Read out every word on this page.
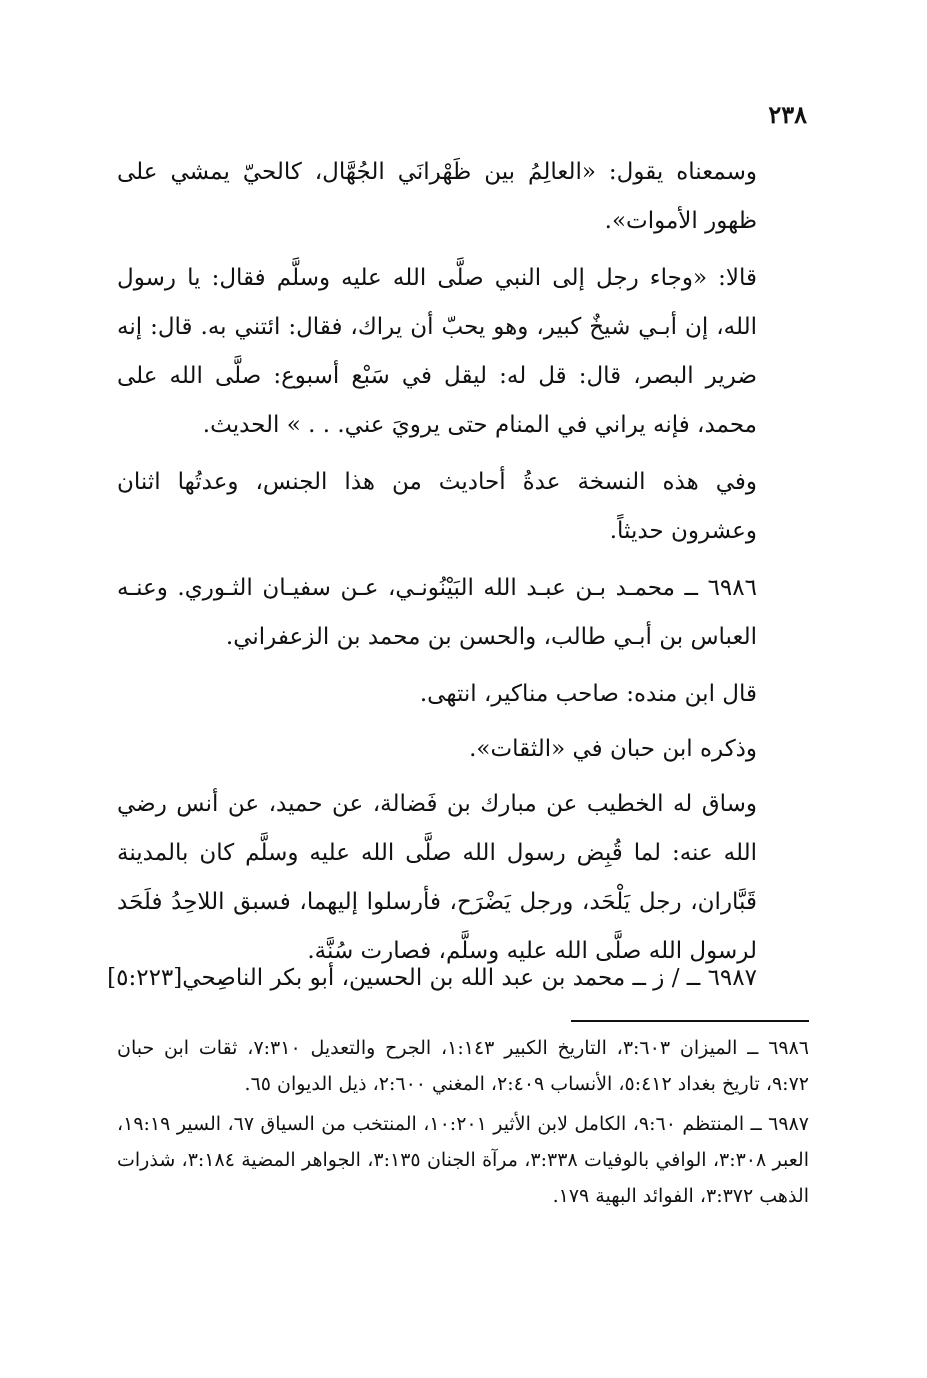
٢٣٨

وسمعناه يقول: «العالِمُ بين ظَهْرانَي الجُهَّال، كالحيّ يمشي على ظهور الأموات».

قالا: «وجاء رجل إلى النبي صلَّى الله عليه وسلَّم فقال: يا رسول الله، إن أبـي شيخٌ كبير، وهو يحبّ أن يراك، فقال: ائتني به. قال: إنه ضرير البصر، قال: قل له: ليقل في سَبْع أسبوع: صلَّى الله على محمد، فإنه يراني في المنام حتى يرويَ عني. . . » الحديث.

وفي هذه النسخة عدةُ أحاديث من هذا الجنس، وعدتُها اثنان وعشرون حديثاً.

٦٩٨٦ ــ محمـد بـن عبـد الله البَيْنُونـي، عـن سفيـان الثـوري. وعنـه العباس بن أبـي طالب، والحسن بن محمد بن الزعفراني.

قال ابن منده: صاحب مناكير، انتهى.

وذكره ابن حبان في «الثقات».

وساق له الخطيب عن مبارك بن فَضالة، عن حميد، عن أنس رضي الله عنه: لما قُبِض رسول الله صلَّى الله عليه وسلَّم كان بالمدينة قَبَّاران، رجل يَلْحَد، ورجل يَضْرَح، فأرسلوا إليهما، فسبق اللاحِدُ فلَحَد لرسول الله صلَّى الله عليه وسلَّم، فصارت سُنَّة.

٦٩٨٧ ــ / ز ــ محمد بن عبد الله بن الحسين، أبو بكر الناصِحي
[٥:٢٢٣]
٦٩٨٦ ــ الميزان ٣:٦٠٣، التاريخ الكبير ١:١٤٣، الجرح والتعديل ٧:٣١٠، ثقات ابن حبان ٩:٧٢، تاريخ بغداد ٥:٤١٢، الأنساب ٢:٤٠٩، المغني ٢:٦٠٠، ذيل الديوان ٦٥.
٦٩٨٧ ــ المنتظم ٩:٦٠، الكامل لابن الأثير ١٠:٢٠١، المنتخب من السياق ٦٧، السير ١٩:١٩، العبر ٣:٣٠٨، الوافي بالوفيات ٣:٣٣٨، مرآة الجنان ٣:١٣٥، الجواهر المضية ٣:١٨٤، شذرات الذهب ٣:٣٧٢، الفوائد البهية ١٧٩.
